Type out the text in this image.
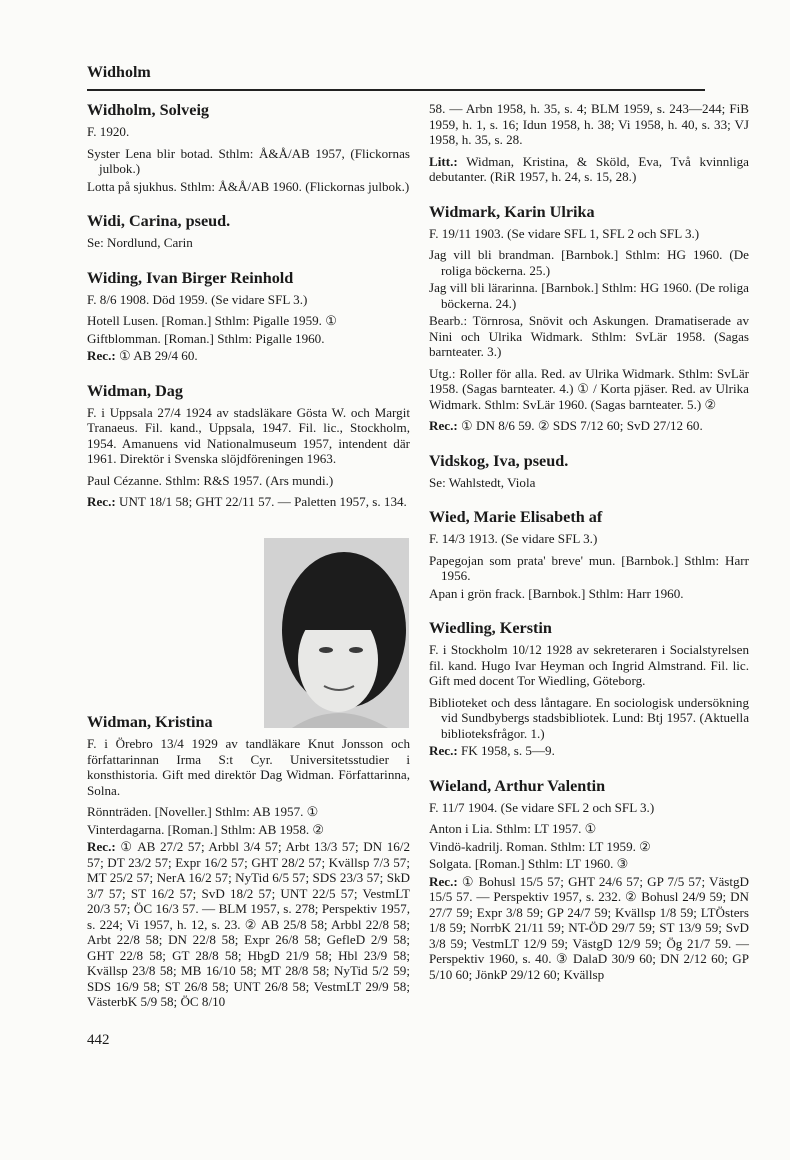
Widholm
Widholm, Solveig
F. 1920.
Syster Lena blir botad. Sthlm: Å&Å/AB 1957, (Flickornas julbok.)
Lotta på sjukhus. Sthlm: Å&Å/AB 1960. (Flickornas julbok.)
Widi, Carina, pseud.
Se: Nordlund, Carin
Widing, Ivan Birger Reinhold
F. 8/6 1908. Död 1959. (Se vidare SFL 3.)
Hotell Lusen. [Roman.] Sthlm: Pigalle 1959. ①
Giftblomman. [Roman.] Sthlm: Pigalle 1960.
Rec.: ① AB 29/4 60.
Widman, Dag
F. i Uppsala 27/4 1924 av stadsläkare Gösta W. och Margit Tranaeus. Fil. kand., Uppsala, 1947. Fil. lic., Stockholm, 1954. Amanuens vid Nationalmuseum 1957, intendent där 1961. Direktör i Svenska slöjdföreningen 1963.
Paul Cézanne. Sthlm: R&S 1957. (Ars mundi.)
Rec.: UNT 18/1 58; GHT 22/11 57. — Paletten 1957, s. 134.
Widman, Kristina
F. i Örebro 13/4 1929 av tandläkare Knut Jonsson och författarinnan Irma S:t Cyr. Universitetsstudier i konsthistoria. Gift med direktör Dag Widman. Författarinna, Solna.
Rönnträden. [Noveller.] Sthlm: AB 1957. ①
Vinterdagarna. [Roman.] Sthlm: AB 1958. ②
Rec.: ① AB 27/2 57; Arbbl 3/4 57; Arbt 13/3 57; DN 16/2 57; DT 23/2 57; Expr 16/2 57; GHT 28/2 57; Kvällsp 7/3 57; MT 25/2 57; NerA 16/2 57; NyTid 6/5 57; SDS 23/3 57; SkD 3/7 57; ST 16/2 57; SvD 18/2 57; UNT 22/5 57; VestmLT 20/3 57; ÖC 16/3 57. — BLM 1957, s. 278; Perspektiv 1957, s. 224; Vi 1957, h. 12, s. 23. ② AB 25/8 58; Arbbl 22/8 58; Arbt 22/8 58; DN 22/8 58; Expr 26/8 58; GefleD 2/9 58; GHT 22/8 58; GT 28/8 58; HbgD 21/9 58; Hbl 23/9 58; Kvällsp 23/8 58; MB 16/10 58; MT 28/8 58; NyTid 5/2 59; SDS 16/9 58; ST 26/8 58; UNT 26/8 58; VestmLT 29/9 58; VästerbK 5/9 58; ÖC 8/10
58. — Arbn 1958, h. 35, s. 4; BLM 1959, s. 243—244; FiB 1959, h. 1, s. 16; Idun 1958, h. 38; Vi 1958, h. 40, s. 33; VJ 1958, h. 35, s. 28.
Litt.: Widman, Kristina, & Sköld, Eva, Två kvinnliga debutanter. (RiR 1957, h. 24, s. 15, 28.)
Widmark, Karin Ulrika
F. 19/11 1903. (Se vidare SFL 1, SFL 2 och SFL 3.)
Jag vill bli brandman. [Barnbok.] Sthlm: HG 1960. (De roliga böckerna. 25.)
Jag vill bli lärarinna. [Barnbok.] Sthlm: HG 1960. (De roliga böckerna. 24.)
Bearb.: Törnrosa, Snövit och Askungen. Dramatiserade av Nini och Ulrika Widmark. Sthlm: SvLär 1958. (Sagas barnteater. 3.)
Utg.: Roller för alla. Red. av Ulrika Widmark. Sthlm: SvLär 1958. (Sagas barnteater. 4.) ① / Korta pjäser. Red. av Ulrika Widmark. Sthlm: SvLär 1960. (Sagas barnteater. 5.) ②
Rec.: ① DN 8/6 59. ② SDS 7/12 60; SvD 27/12 60.
Vidskog, Iva, pseud.
Se: Wahlstedt, Viola
Wied, Marie Elisabeth af
F. 14/3 1913. (Se vidare SFL 3.)
Papegojan som prata' breve' mun. [Barnbok.] Sthlm: Harr 1956.
Apan i grön frack. [Barnbok.] Sthlm: Harr 1960.
Wiedling, Kerstin
F. i Stockholm 10/12 1928 av sekreteraren i Socialstyrelsen fil. kand. Hugo Ivar Heyman och Ingrid Almstrand. Fil. lic. Gift med docent Tor Wiedling, Göteborg.
Biblioteket och dess låntagare. En sociologisk undersökning vid Sundbybergs stadsbibliotek. Lund: Btj 1957. (Aktuella biblioteksfrågor. 1.)
Rec.: FK 1958, s. 5—9.
Wieland, Arthur Valentin
F. 11/7 1904. (Se vidare SFL 2 och SFL 3.)
Anton i Lia. Sthlm: LT 1957. ①
Vindö-kadrilj. Roman. Sthlm: LT 1959. ②
Solgata. [Roman.] Sthlm: LT 1960. ③
Rec.: ① Bohusl 15/5 57; GHT 24/6 57; GP 7/5 57; VästgD 15/5 57. — Perspektiv 1957, s. 232. ② Bohusl 24/9 59; DN 27/7 59; Expr 3/8 59; GP 24/7 59; Kvällsp 1/8 59; LTÖsters 1/8 59; NorrbK 21/11 59; NT-ÖD 29/7 59; ST 13/9 59; SvD 3/8 59; VestmLT 12/9 59; VästgD 12/9 59; Ög 21/7 59. — Perspektiv 1960, s. 40. ③ DalaD 30/9 60; DN 2/12 60; GP 5/10 60; JönkP 29/12 60; Kvällsp
442
